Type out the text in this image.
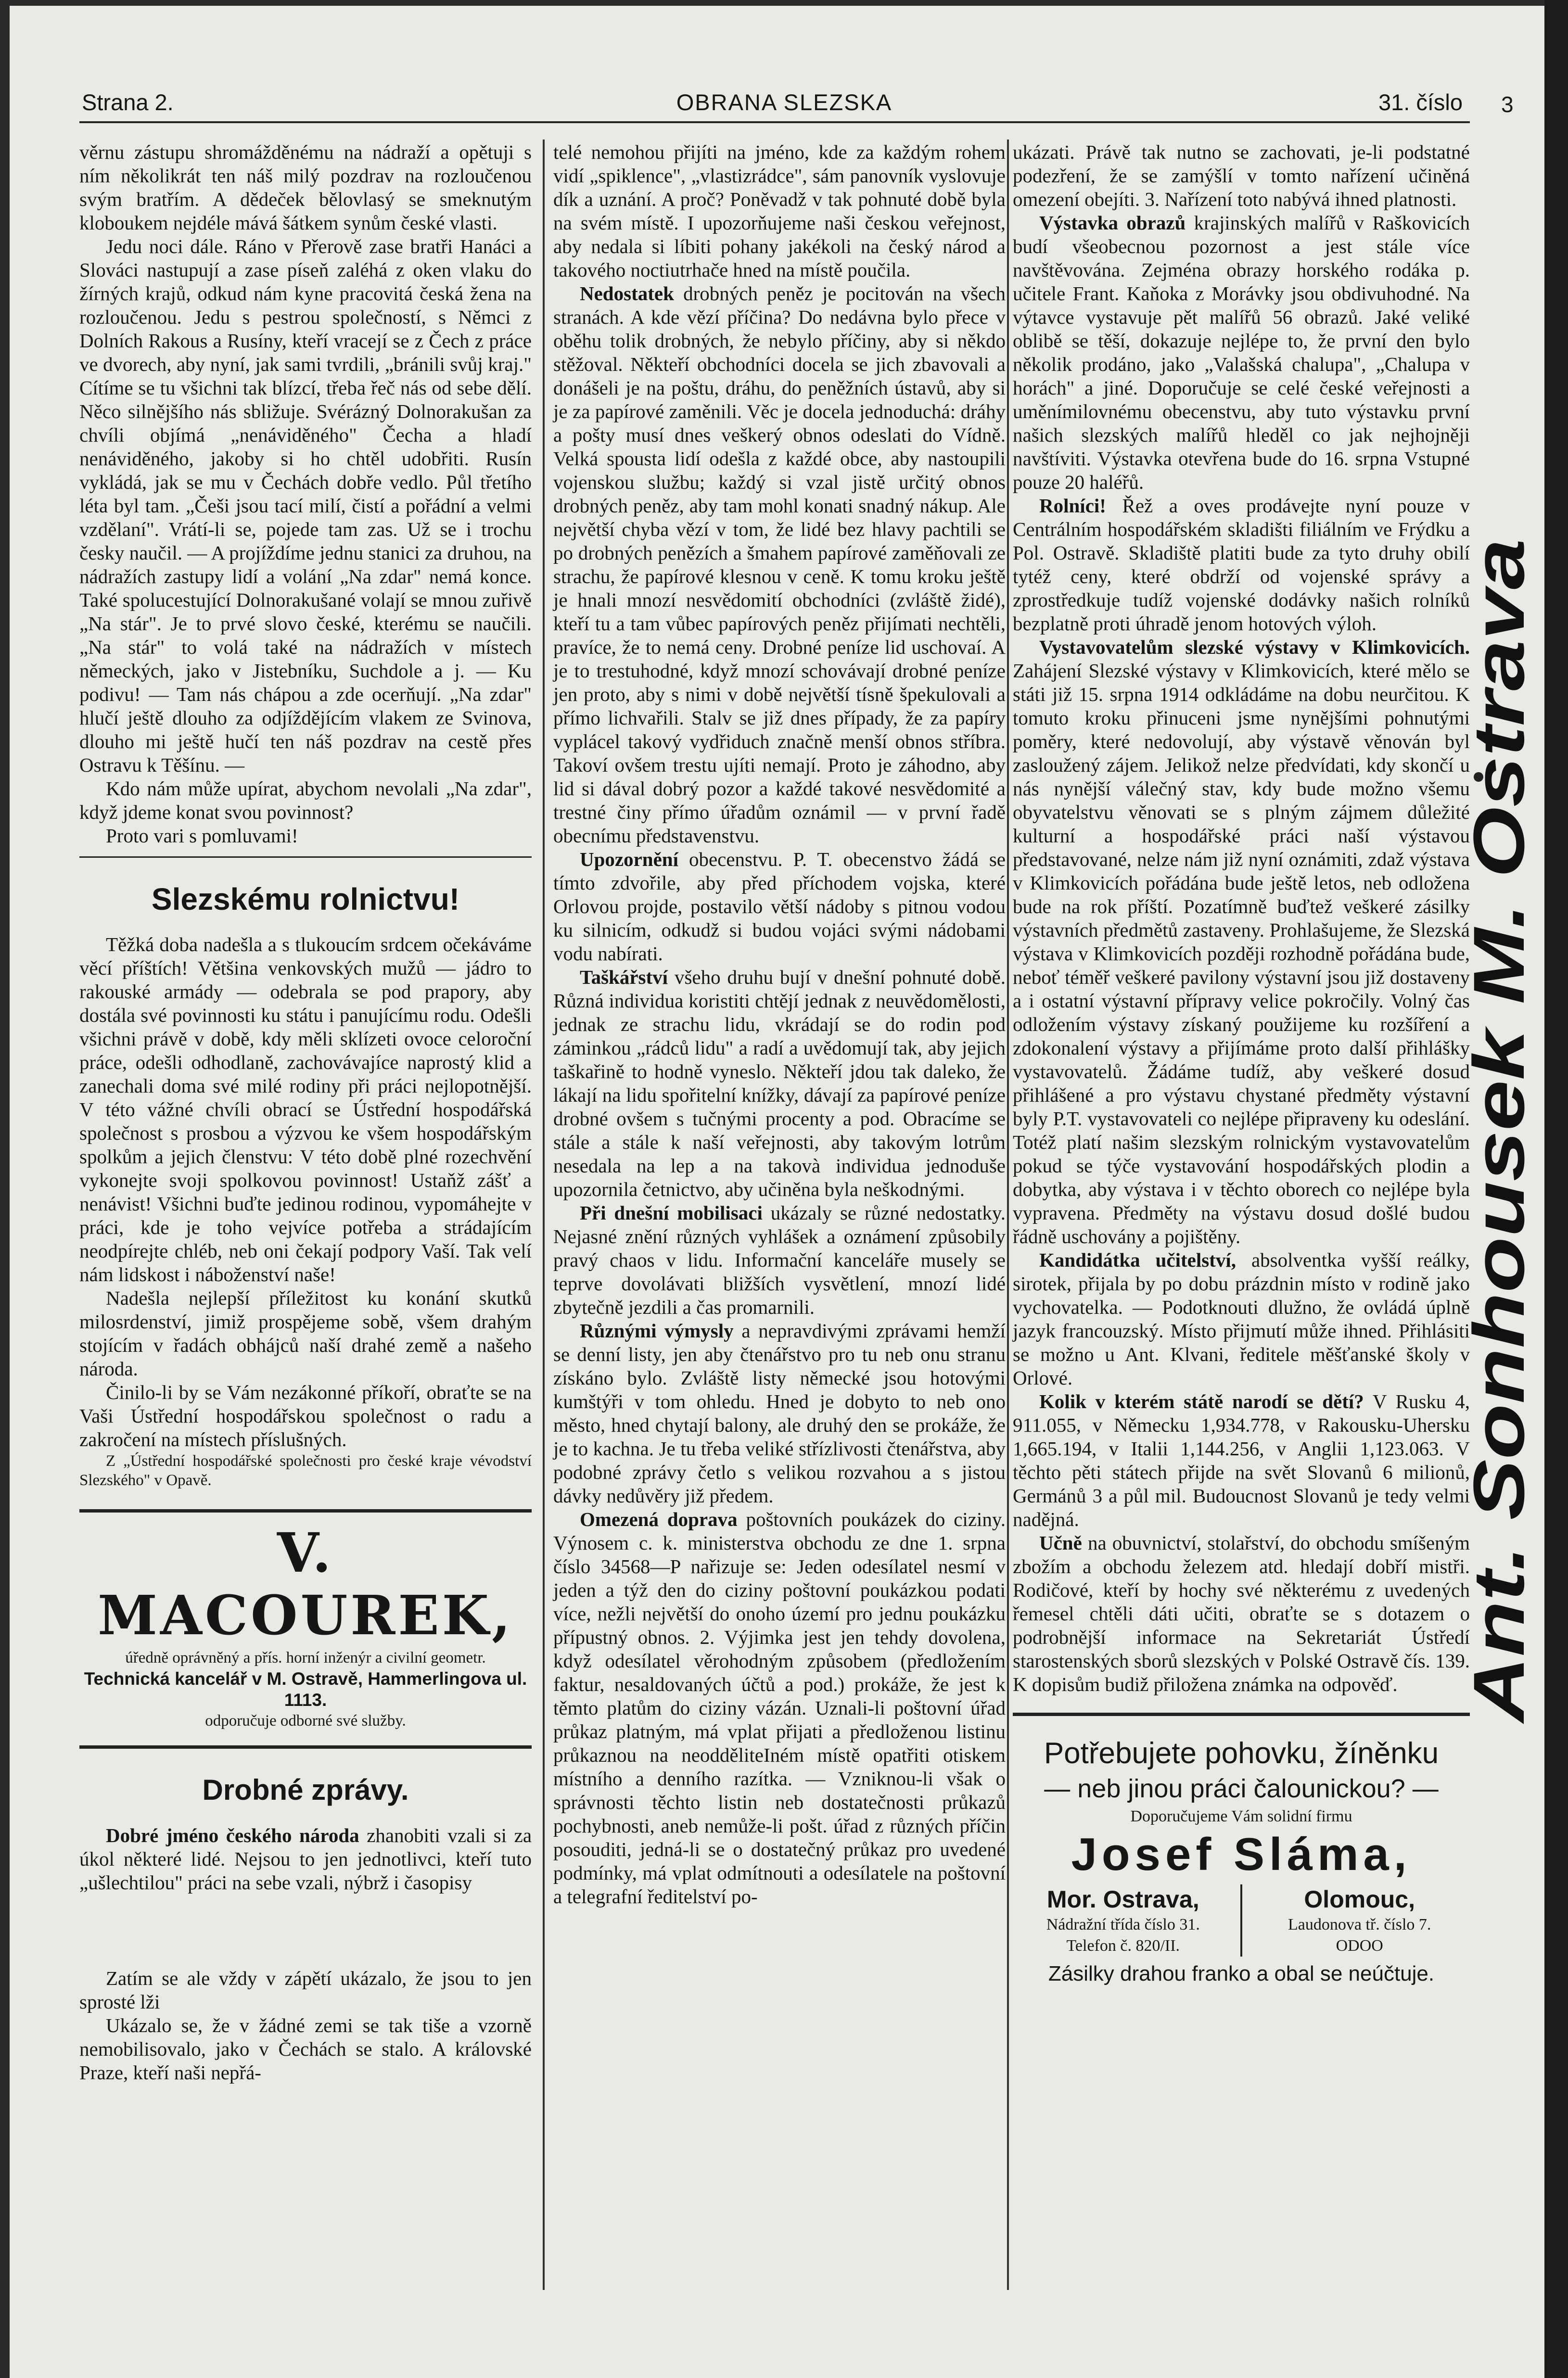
Strana 2.	OBRANA SLEZSKA	31. číslo 3

věrnu zástupu shromážděnému na nádraží a opětuji s ním několikrát ten náš milý pozdrav na rozloučenou svým bratřím. A dědeček bělovlasý se smeknutým kloboukem nejdéle mává šátkem synům české vlasti.

Jedu noci dále. Ráno v Přerově zase bratři Hanáci a Slováci nastupují a zase píseň zaléhá z oken vlaku do žírných krajů, odkud nám kyne pracovitá česká žena na rozloučenou. Jedu s pestrou společností, s Němci z Dolních Rakous a Rusíny, kteří vracejí se z Čech z práce ve dvorech, aby nyní, jak sami tvrdili, „bránili svůj kraj." Cítíme se tu všichni tak blízcí, třeba řeč nás od sebe dělí. Něco silnějšího nás sbližuje. Svérázný Dolnorakušan za chvíli objímá „nenáviděného" Čecha a hladí nenáviděného, jakoby si ho chtěl udobřiti. Rusín vykládá, jak se mu v Čechách dobře vedlo. Půl třetího léta byl tam. „Češi jsou tací milí, čistí a pořádní a velmi vzdělaní". Vrátí-li se, pojede tam zas. Už se i trochu česky naučil. — A projíždíme jednu stanici za druhou, na nádražích zastupy lidí a volání „Na zdar" nemá konce. Také spolucestující Dolnorakušané volají se mnou zuřivě „Na stár". Je to prvé slovo české, kterému se naučili. „Na stár" to volá také na nádražích v místech německých, jako v Jistebníku, Suchdole a j. — Ku podivu! — Tam nás chápou a zde ocerňují. „Na zdar" hlučí ještě dlouho za odjíždějícím vlakem ze Svinova, dlouho mi ještě hučí ten náš pozdrav na cestě přes Ostravu k Těšínu. —

Kdo nám může upírat, abychom nevolali „Na zdar", když jdeme konat svou povinnost?

Proto vari s pomluvami!

Slezskému rolnictvu!

Těžká doba nadešla a s tlukoucím srdcem očekáváme věcí příštích! Většina venkovských mužů — jádro to rakouské armády — odebrala se pod prapory, aby dostála své povinnosti ku státu i panujícímu rodu. Odešli všichni právě v době, kdy měli sklízeti ovoce celoroční práce, odešli odhodlaně, zachovávajíce naprostý klid a zanechali doma své milé rodiny při práci nejlopotnější. V této vážné chvíli obrací se Ústřední hospodářská společnost s prosbou a výzvou ke všem hospodářským spolkům a jejich členstvu: V této době plné rozechvění vykonejte svoji spolkovou povinnost! Ustaňž zášť a nenávist! Všichni buďte jedinou rodinou, vypomáhejte v práci, kde je toho vejvíce potřeba a strádajícím neodpírejte chléb, neb oni čekají podpory Vaší. Tak velí nám lidskost i náboženství naše!

Nadešla nejlepší příležitost ku konání skutků milosrdenství, jimiž prospějeme sobě, všem drahým stojícím v řadách obhájců naší drahé země a našeho národa.

Činilo-li by se Vám nezákonné příkoří, obraťte se na Vaši Ústřední hospodářskou společnost o radu a zakročení na místech příslušných.

Z „Ústřední hospodářské společnosti pro české kraje vévodství Slezského" v Opavě.

V. MACOUREK,
úředně oprávněný a přís. horní inženýr a civilní geometr.
Technická kancelář v M. Ostravě, Hammerlingova ul. 1113.
odporučuje odborné své služby.
Drobné zprávy.

Dobré jméno českého národa zhanobiti vzali si za úkol některé lidé. Nejsou to jen jednotlivci, kteří tuto „ušlechtilou" práci na sebe vzali, nýbrž i časopisy

Zatím se ale vždy v zápětí ukázalo, že jsou to jen sprosté lži

Ukázalo se, že v žádné zemi se tak tiše a vzorně nemobilisovalo, jako v Čechách se stalo. A královské Praze, kteří naši nepřá-

telé nemohou přijíti na jméno, kde za každým rohem vidí „spiklence", „vlastizrádce", sám panovník vyslovuje dík a uznání. A proč? Poněvadž v tak pohnuté době byla na svém místě. I upozorňujeme naši českou veřejnost, aby nedala si líbiti pohany jakékoli na český národ a takového noctiutrhače hned na místě poučila.

Nedostatek drobných peněz je pocitován na všech stranách. A kde vězí příčina? Do nedávna bylo přece v oběhu tolik drobných, že nebylo příčiny, aby si někdo stěžoval. Někteří obchodníci docela se jich zbavovali a donášeli je na poštu, dráhu, do peněžních ústavů, aby si je za papírové zaměnili. Věc je docela jednoduchá: dráhy a pošty musí dnes veškerý obnos odeslati do Vídně. Velká spousta lidí odešla z každé obce, aby nastoupili vojenskou službu; každý si vzal jistě určitý obnos drobných peněz, aby tam mohl konati snadný nákup. Ale největší chyba vězí v tom, že lidé bez hlavy pachtili se po drobných penězích a šmahem papírové zaměňovali ze strachu, že papírové klesnou v ceně. K tomu kroku ještě je hnali mnozí nesvědomití obchodníci (zvláště židé), kteří tu a tam vůbec papírových peněz přijímati nechtěli, pravíce, že to nemá ceny. Drobné peníze lid uschovaí. A je to trestuhodné, když mnozí schovávají drobné peníze jen proto, aby s nimi v době největší tísně špekulovali a přímo lichvařili. Stalv se již dnes případy, že za papíry vyplácel takový vydřiduch značně menší obnos stříbra. Takoví ovšem trestu ujíti nemají. Proto je záhodno, aby lid si dával dobrý pozor a každé takové nesvědomité a trestné činy přímo úřadům oznámil — v první řadě obecnímu představenstvu.

Upozornění obecenstvu. P. T. obecenstvo žádá se tímto zdvořile, aby před příchodem vojska, které Orlovou projde, postavilo větší nádoby s pitnou vodou ku silnicím, odkudž si budou vojáci svými nádobami vodu nabírati.

Taškářství všeho druhu bují v dnešní pohnuté době. Různá individua koristiti chtějí jednak z neuvědomělosti, jednak ze strachu lidu, vkrádají se do rodin pod záminkou „rádců lidu" a radí a uvědomují tak, aby jejich taškařině to hodně vyneslo. Někteří jdou tak daleko, že lákají na lidu spořitelní knížky, dávají za papírové peníze drobné ovšem s tučnými procenty a pod. Obracíme se stále a stále k naší veřejnosti, aby takovým lotrům nesedala na lep a na takovà individua jednoduše upozornila četnictvo, aby učiněna byla neškodnými.

Při dnešní mobilisaci ukázaly se různé nedostatky. Nejasné znění různých vyhlášek a oznámení způsobily pravý chaos v lidu. Informační kanceláře musely se teprve dovolávati bližších vysvětlení, mnozí lidé zbytečně jezdili a čas promarnili.

Různými výmysly a nepravdivými zprávami hemží se denní listy, jen aby čtenářstvo pro tu neb onu stranu získáno bylo. Zvláště listy německé jsou hotovými kumštýři v tom ohledu. Hned je dobyto to neb ono město, hned chytají balony, ale druhý den se prokáže, že je to kachna. Je tu třeba veliké střízlivosti čtenářstva, aby podobné zprávy četlo s velikou rozvahou a s jistou dávky nedůvěry již předem.

Omezená doprava poštovních poukázek do ciziny. Výnosem c. k. ministerstva obchodu ze dne 1. srpna číslo 34568—P nařizuje se: Jeden odesílatel nesmí v jeden a týž den do ciziny poštovní poukázkou podati více, nežli největší do onoho území pro jednu poukázku přípustný obnos. 2. Výjimka jest jen tehdy dovolena, když odesílatel věrohodným způsobem (předložením faktur, nesaldovaných účtů a pod.) prokáže, že jest k těmto platům do ciziny vázán. Uznali-li poštovní úřad průkaz platným, má vplat přijati a předloženou listinu průkaznou na neodděliteIném místě opatřiti otiskem místního a denního razítka. — Vzniknou-li však o správnosti těchto listin neb dostatečnosti průkazů pochybnosti, aneb nemůže-li pošt. úřad z různých příčin posouditi, jedná-li se o dostatečný průkaz pro uvedené podmínky, má vplat odmítnouti a odesílatele na poštovní a telegrafní ředitelství po-

ukázati. Právě tak nutno se zachovati, je-li podstatné podezření, že se zamýšlí v tomto nařízení učiněná omezení obejíti. 3. Nařízení toto nabývá ihned platnosti.

Výstavka obrazů krajinských malířů v Raškovicích budí všeobecnou pozornost a jest stále více navštěvována. Zejména obrazy horského rodáka p. učitele Frant. Kaňoka z Morávky jsou obdivuhodné. Na výtavce vystavuje pět malířů 56 obrazů. Jaké veliké oblibě se těší, dokazuje nejlépe to, že první den bylo několik prodáno, jako „Valašská chalupa", „Chalupa v horách" a jiné. Doporučuje se celé české veřejnosti a uměnímilovnému obecenstvu, aby tuto výstavku první našich slezských malířů hleděl co jak nejhojněji navštíviti. Výstavka otevřena bude do 16. srpna Vstupné pouze 20 haléřů.

Rolníci! Řež a oves prodávejte nyní pouze v Centrálním hospodářském skladišti filiálním ve Frýdku a Pol. Ostravě. Skladiště platiti bude za tyto druhy obilí tytéž ceny, které obdrží od vojenské správy a zprostředkuje tudíž vojenské dodávky našich rolníků bezplatně proti úhradě jenom hotových výloh.

Vystavovatelům slezské výstavy v Klimkovicích. Zahájení Slezské výstavy v Klimkovicích, které mělo se státi již 15. srpna 1914 odkládáme na dobu neurčitou. K tomuto kroku přinuceni jsme nynějšími pohnutými poměry, které nedovolují, aby výstavě věnován byl zasloužený zájem. Jelikož nelze předvídati, kdy skončí u nás nynější válečný stav, kdy bude možno všemu obyvatelstvu věnovati se s plným zájmem důležité kulturní a hospodářské práci naší výstavou představované, nelze nám již nyní oznámiti, zdaž výstava v Klimkovicích pořádána bude ještě letos, neb odložena bude na rok příští. Pozatímně buďtež veškeré zásilky výstavních předmětů zastaveny. Prohlašujeme, že Slezská výstava v Klimkovicích později rozhodně pořádána bude, neboť téměř veškeré pavilony výstavní jsou již dostaveny a i ostatní výstavní přípravy velice pokročily. Volný čas odložením výstavy získaný použijeme ku rozšíření a zdokonalení výstavy a přijímáme proto další přihlášky vystavovatelů. Žádáme tudíž, aby veškeré dosud přihlášené a pro výstavu chystané předměty výstavní byly P.T. vystavovateli co nejlépe připraveny ku odeslání. Totéž platí našim slezským rolnickým vystavovatelům pokud se týče vystavování hospodářských plodin a dobytka, aby výstava i v těchto oborech co nejlépe byla vypravena. Předměty na výstavu dosud došlé budou řádně uschovány a pojištěny.

Kandidátka učitelství, absolventka vyšší reálky, sirotek, přijala by po dobu prázdnin místo v rodině jako vychovatelka. — Podotknouti dlužno, že ovládá úplně jazyk francouzský. Místo přijmutí může ihned. Přihlásiti se možno u Ant. Klvani, ředitele měšťanské školy v Orlové.

Kolik v kterém státě narodí se dětí? V Rusku 4, 911.055, v Německu 1,934.778, v Rakousku-Uhersku 1,665.194, v Italii 1,144.256, v Anglii 1,123.063. V těchto pěti státech přijde na svět Slovanů 6 milionů, Germánů 3 a půl mil. Budoucnost Slovanů je tedy velmi nadějná.

Učně na obuvnictví, stolařství, do obchodu smíšeným zbožím a obchodu železem atd. hledají dobří mistři. Rodičové, kteří by hochy své některému z uvedených řemesel chtěli dáti učiti, obraťte se s dotazem o podrobnější informace na Sekretariát Ústředí starostenských sborů slezských v Polské Ostravě čís. 139. K dopisům budiž přiložena známka na odpověď.

Potřebujete pohovku, žíněnku
— neb jinou práci čalounickou? —
Doporučujeme Vám solidní firmu
Josef Sláma,
Mor. Ostrava,
Nádražní třída číslo 31.
Telefon č. 820/II.
Olomouc,
Laudonova tř. číslo 7.
ODOO
Zásilky drahou franko a obal se neúčtuje.
Ant. Sonhousek M. Ostrava
